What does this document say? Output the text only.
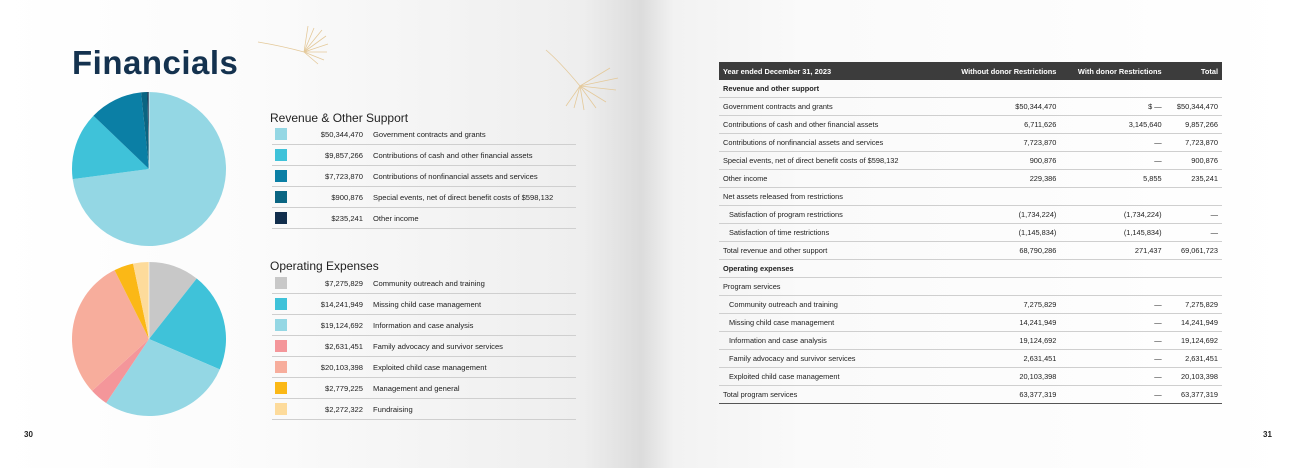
Financials
Revenue & Other Support
$50,344,470 Government contracts and grants
$9,857,266 Contributions of cash and other financial assets
$7,723,870 Contributions of nonfinancial assets and services
$900,876 Special events, net of direct benefit costs of $598,132
$235,241 Other income
Operating Expenses
$7,275,829 Community outreach and training
$14,241,949 Missing child case management
$19,124,692 Information and case analysis
$2,631,451 Family advocacy and survivor services
$20,103,398 Exploited child case management
$2,779,225 Management and general
$2,272,322 Fundraising
30	31
Year ended December 31, 2023	Without donor Restrictions	With donor Restrictions	Total
Revenue and other support			
Government contracts and grants	$50,344,470	$ —	$50,344,470
Contributions of cash and other financial assets	6,711,626	3,145,640	9,857,266
Contributions of nonfinancial assets and services	7,723,870	—	7,723,870
Special events, net of direct benefit costs of $598,132	900,876	—	900,876
Other income	229,386	5,855	235,241
Net assets released from restrictions			
Satisfaction of program restrictions	(1,734,224)	(1,734,224)	—
Satisfaction of time restrictions	(1,145,834)	(1,145,834)	—
Total revenue and other support	68,790,286	271,437	69,061,723
Operating expenses			
Program services			
Community outreach and training	7,275,829	—	7,275,829
Missing child case management	14,241,949	—	14,241,949
Information and case analysis	19,124,692	—	19,124,692
Family advocacy and survivor services	2,631,451	—	2,631,451
Exploited child case management	20,103,398	—	20,103,398
Total program services	63,377,319	—	63,377,319
